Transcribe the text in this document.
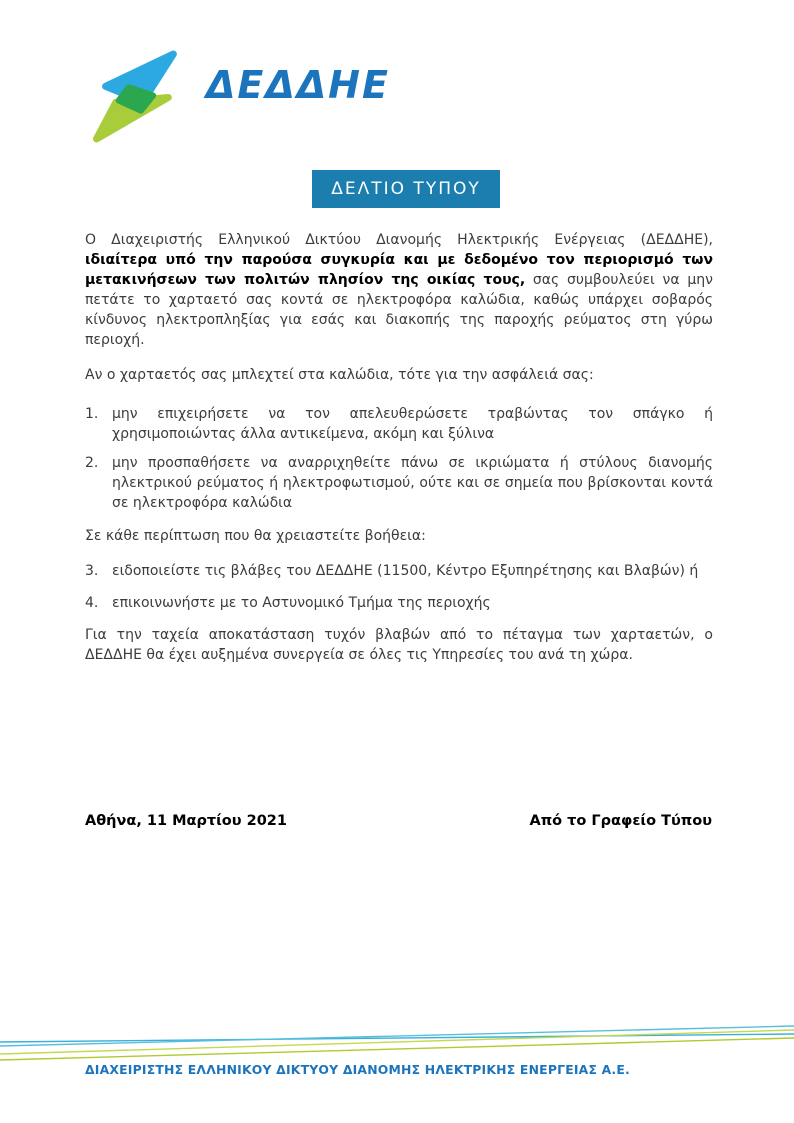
ΔΕΔΔΗΕ
ΔΕΛΤΙΟ ΤΥΠΟΥ

Ο Διαχειριστής Ελληνικού Δικτύου Διανομής Ηλεκτρικής Ενέργειας (ΔΕΔΔΗΕ), ιδιαίτερα υπό την παρούσα συγκυρία και με δεδομένο τον περιορισμό των μετακινήσεων των πολιτών πλησίον της οικίας τους, σας συμβουλεύει να μην πετάτε το χαρταετό σας κοντά σε ηλεκτροφόρα καλώδια, καθώς υπάρχει σοβαρός κίνδυνος ηλεκτροπληξίας για εσάς και διακοπής της παροχής ρεύματος στη γύρω περιοχή.

Αν ο χαρταετός σας μπλεχτεί στα καλώδια, τότε για την ασφάλειά σας:

1. μην επιχειρήσετε να τον απελευθερώσετε τραβώντας τον σπάγκο ή χρησιμοποιώντας άλλα αντικείμενα, ακόμη και ξύλινα
2. μην προσπαθήσετε να αναρριχηθείτε πάνω σε ικριώματα ή στύλους διανομής ηλεκτρικού ρεύματος ή ηλεκτροφωτισμού, ούτε και σε σημεία που βρίσκονται κοντά σε ηλεκτροφόρα καλώδια

Σε κάθε περίπτωση που θα χρειαστείτε βοήθεια:

3. ειδοποιείστε τις βλάβες του ΔΕΔΔΗΕ (11500, Κέντρο Εξυπηρέτησης και Βλαβών) ή
4. επικοινωνήστε με το Αστυνομικό Τμήμα της περιοχής

Για την ταχεία αποκατάσταση τυχόν βλαβών από το πέταγμα των χαρταετών, ο ΔΕΔΔΗΕ θα έχει αυξημένα συνεργεία σε όλες τις Υπηρεσίες του ανά τη χώρα.

Αθήνα, 11 Μαρτίου 2021	Από το Γραφείο Τύπου
ΔΙΑΧΕΙΡΙΣΤΗΣ ΕΛΛΗΝΙΚΟΥ ΔΙΚΤΥΟΥ ΔΙΑΝΟΜΗΣ ΗΛΕΚΤΡΙΚΗΣ ΕΝΕΡΓΕΙΑΣ Α.Ε.
